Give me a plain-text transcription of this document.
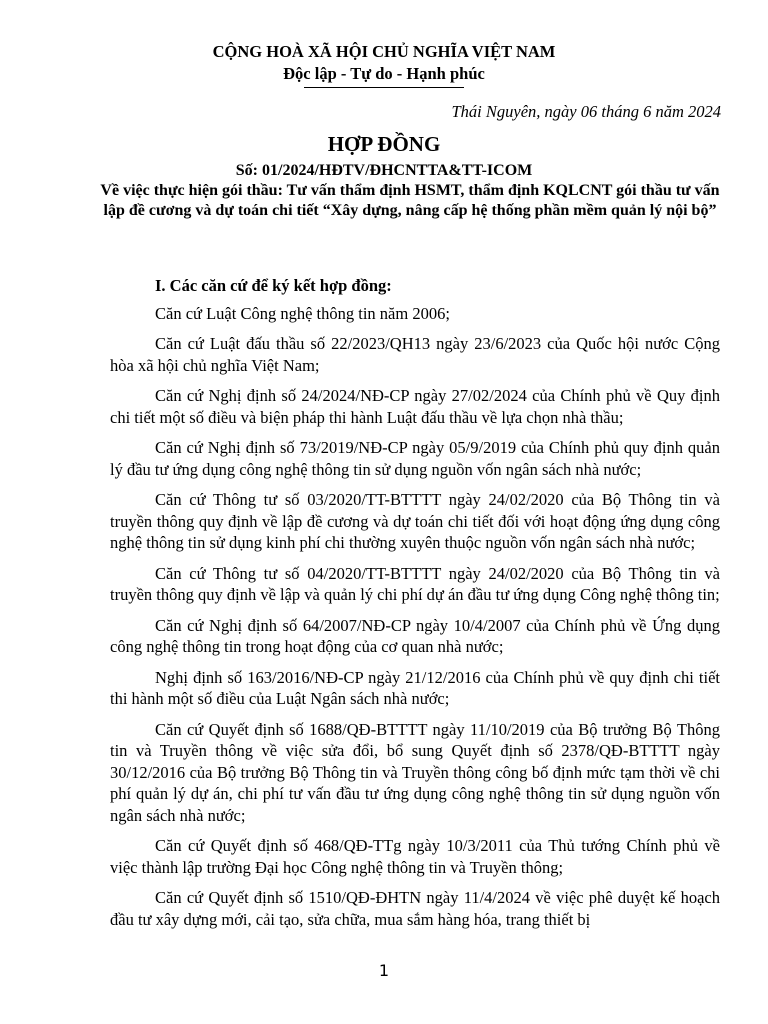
CỘNG HOÀ XÃ HỘI CHỦ NGHĨA VIỆT NAM
Độc lập - Tự do - Hạnh phúc
Thái Nguyên, ngày 06 tháng 6 năm 2024
HỢP ĐỒNG
Số: 01/2024/HĐTV/ĐHCNTTA&TT-ICOM
Về việc thực hiện gói thầu: Tư vấn thẩm định HSMT, thẩm định KQLCNT gói thầu tư vấn lập đề cương và dự toán chi tiết “Xây dựng, nâng cấp hệ thống phần mềm quản lý nội bộ”

I. Các căn cứ để ký kết hợp đồng:

Căn cứ Luật Công nghệ thông tin năm 2006;

Căn cứ Luật đấu thầu số 22/2023/QH13 ngày 23/6/2023 của Quốc hội nước Cộng hòa xã hội chủ nghĩa Việt Nam;

Căn cứ Nghị định số 24/2024/NĐ-CP ngày 27/02/2024 của Chính phủ về Quy định chi tiết một số điều và biện pháp thi hành Luật đấu thầu về lựa chọn nhà thầu;

Căn cứ Nghị định số 73/2019/NĐ-CP ngày 05/9/2019 của Chính phủ quy định quản lý đầu tư ứng dụng công nghệ thông tin sử dụng nguồn vốn ngân sách nhà nước;

Căn cứ Thông tư số 03/2020/TT-BTTTT ngày 24/02/2020 của Bộ Thông tin và truyền thông quy định về lập đề cương và dự toán chi tiết đối với hoạt động ứng dụng công nghệ thông tin sử dụng kinh phí chi thường xuyên thuộc nguồn vốn ngân sách nhà nước;

Căn cứ Thông tư số 04/2020/TT-BTTTT ngày 24/02/2020 của Bộ Thông tin và truyền thông quy định về lập và quản lý chi phí dự án đầu tư ứng dụng Công nghệ thông tin;

Căn cứ Nghị định số 64/2007/NĐ-CP ngày 10/4/2007 của Chính phủ về Ứng dụng công nghệ thông tin trong hoạt động của cơ quan nhà nước;

Nghị định số 163/2016/NĐ-CP ngày 21/12/2016 của Chính phủ về quy định chi tiết thi hành một số điều của Luật Ngân sách nhà nước;

Căn cứ Quyết định số 1688/QĐ-BTTTT ngày 11/10/2019 của Bộ trưởng Bộ Thông tin và Truyền thông về việc sửa đổi, bổ sung Quyết định số 2378/QĐ-BTTTT ngày 30/12/2016 của Bộ trưởng Bộ Thông tin và Truyền thông công bố định mức tạm thời về chi phí quản lý dự án, chi phí tư vấn đầu tư ứng dụng công nghệ thông tin sử dụng nguồn vốn ngân sách nhà nước;

Căn cứ Quyết định số 468/QĐ-TTg ngày 10/3/2011 của Thủ tướng Chính phủ về việc thành lập trường Đại học Công nghệ thông tin và Truyền thông;

Căn cứ Quyết định số 1510/QĐ-ĐHTN ngày 11/4/2024 về việc phê duyệt kế hoạch đầu tư xây dựng mới, cải tạo, sửa chữa, mua sắm hàng hóa, trang thiết bị

1
